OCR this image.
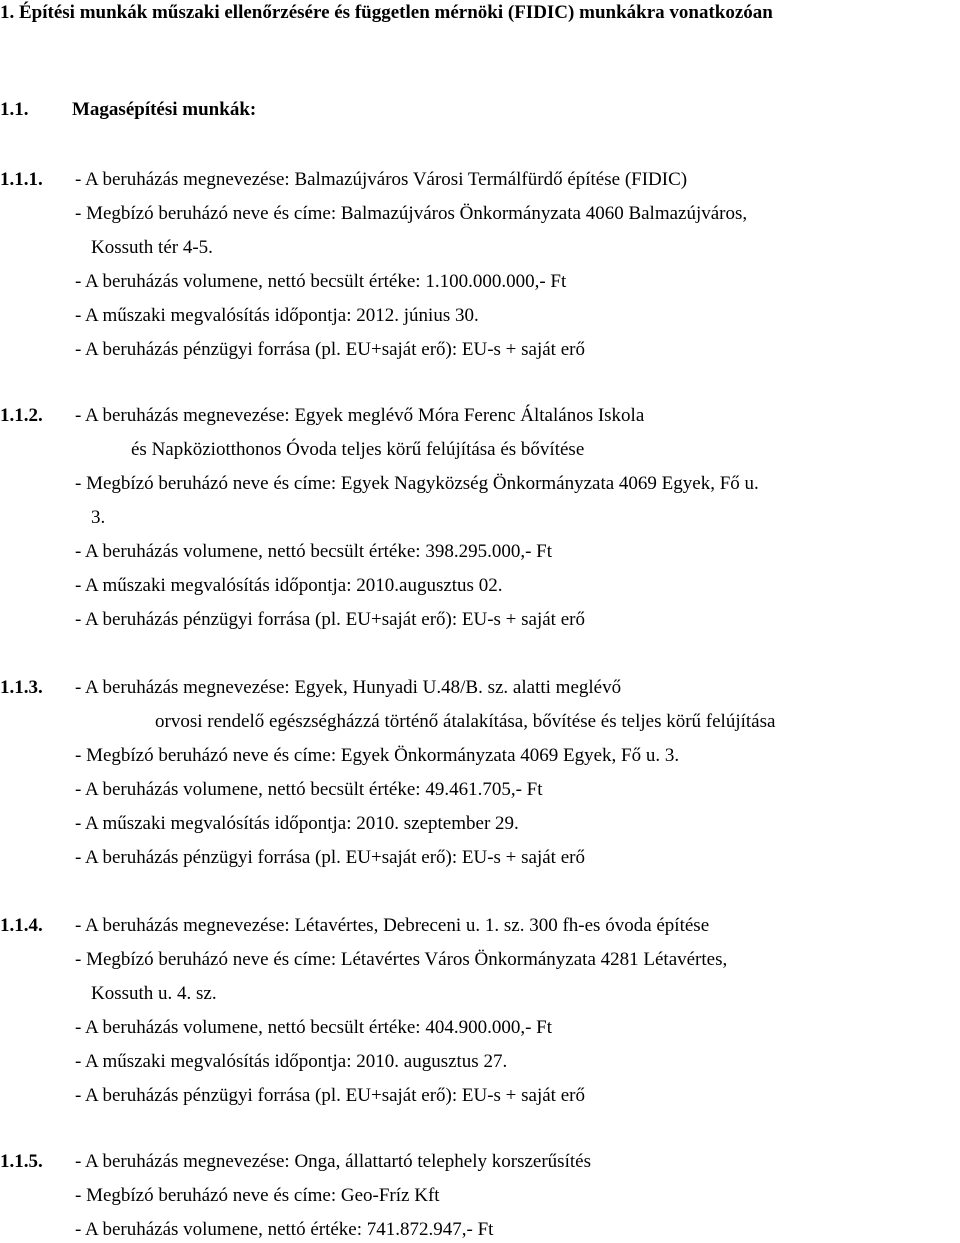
1. Építési munkák műszaki ellenőrzésére és független mérnöki (FIDIC) munkákra vonatkozóan
1.1. Magasépítési munkák:
1.1.1. - A beruházás megnevezése: Balmazújváros Városi Termálfürdő építése (FIDIC)
- Megbízó beruházó neve és címe: Balmazújváros Önkormányzata 4060 Balmazújváros,
Kossuth tér 4-5.
- A beruházás volumene, nettó becsült értéke: 1.100.000.000,- Ft
- A műszaki megvalósítás időpontja: 2012. június 30.
- A beruházás pénzügyi forrása (pl. EU+saját erő): EU-s + saját erő
1.1.2. - A beruházás megnevezése: Egyek meglévő Móra Ferenc Általános Iskola
és Napköziotthonos Óvoda teljes körű felújítása és bővítése
- Megbízó beruházó neve és címe: Egyek Nagyközség Önkormányzata 4069 Egyek, Fő u.
3.
- A beruházás volumene, nettó becsült értéke: 398.295.000,- Ft
- A műszaki megvalósítás időpontja: 2010.augusztus 02.
- A beruházás pénzügyi forrása (pl. EU+saját erő): EU-s + saját erő
1.1.3. - A beruházás megnevezése: Egyek, Hunyadi U.48/B. sz. alatti meglévő
orvosi rendelő egészségházzá történő átalakítása, bővítése és teljes körű felújítása
- Megbízó beruházó neve és címe: Egyek Önkormányzata 4069 Egyek, Fő u. 3.
- A beruházás volumene, nettó becsült értéke: 49.461.705,- Ft
- A műszaki megvalósítás időpontja: 2010. szeptember 29.
- A beruházás pénzügyi forrása (pl. EU+saját erő): EU-s + saját erő
1.1.4. - A beruházás megnevezése: Létavértes, Debreceni u. 1. sz. 300 fh-es óvoda építése
- Megbízó beruházó neve és címe: Létavértes Város Önkormányzata 4281 Létavértes,
Kossuth u. 4. sz.
- A beruházás volumene, nettó becsült értéke: 404.900.000,- Ft
- A műszaki megvalósítás időpontja: 2010. augusztus 27.
- A beruházás pénzügyi forrása (pl. EU+saját erő): EU-s + saját erő
1.1.5. - A beruházás megnevezése: Onga, állattartó telephely korszerűsítés
- Megbízó beruházó neve és címe: Geo-Fríz Kft
- A beruházás volumene, nettó értéke: 741.872.947,- Ft
